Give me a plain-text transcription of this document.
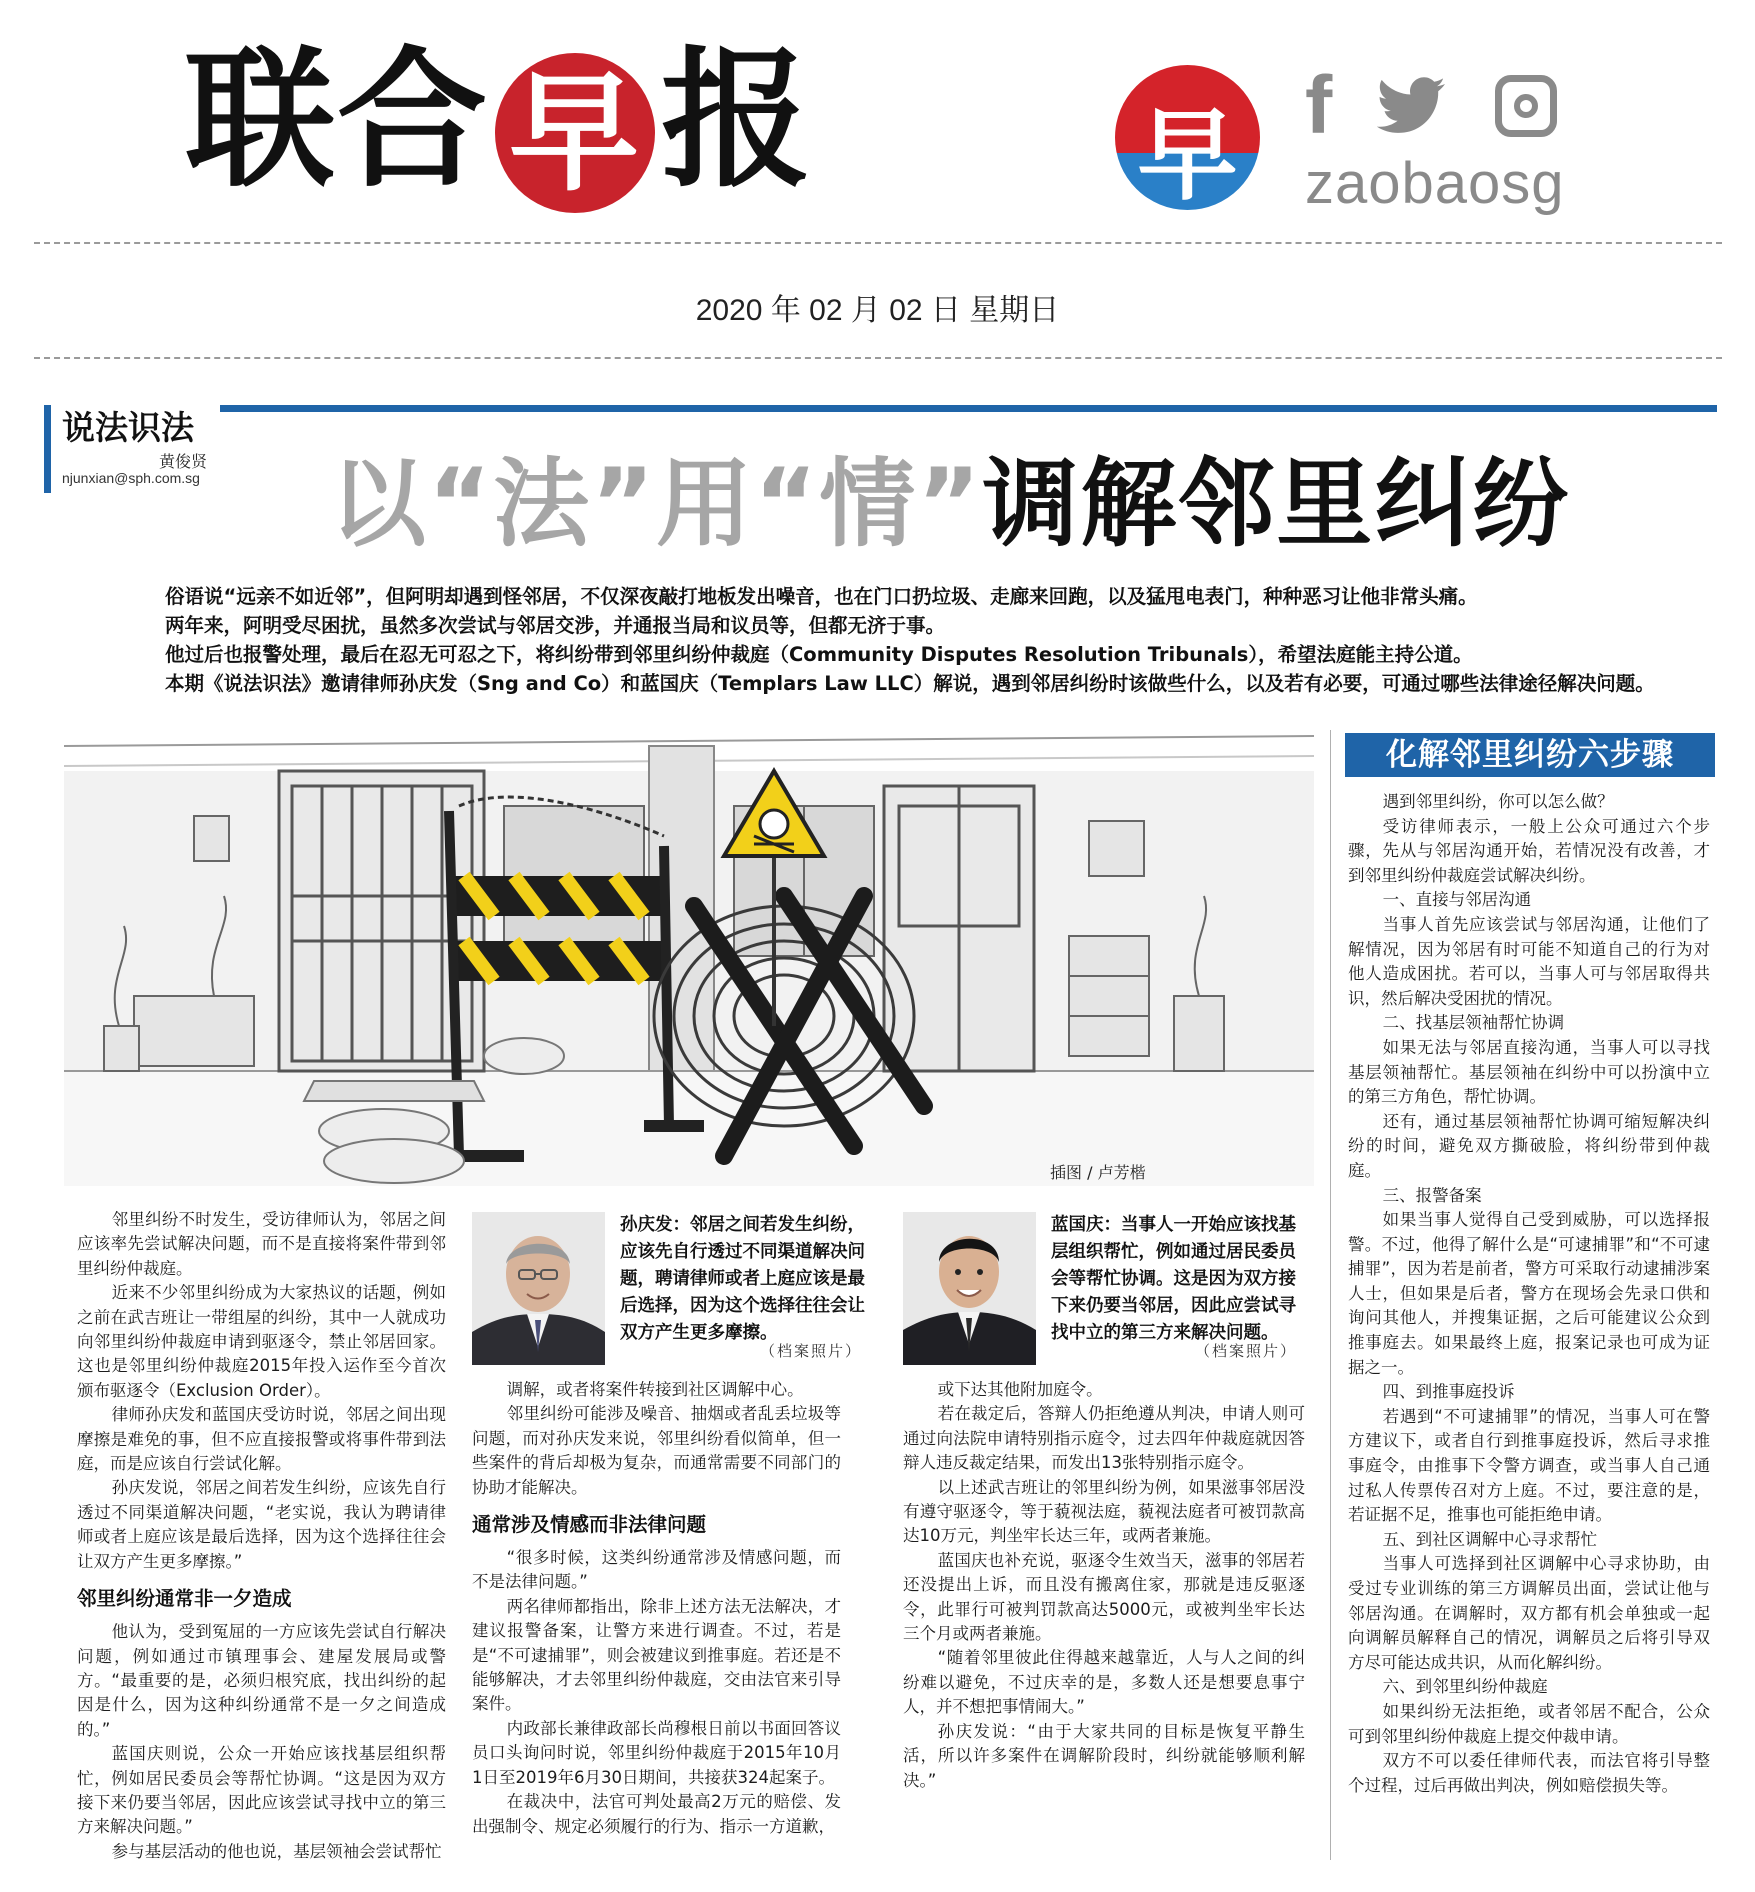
联合 早 报	早 f
zaobaosg
2020 年 02 月 02 日 星期日
说法识法
黄俊贤
njunxian@sph.com.sg 以“法”用“情”调解邻里纠纷

俗语说“远亲不如近邻”，但阿明却遇到怪邻居，不仅深夜敲打地板发出噪音，也在门口扔垃圾、走廊来回跑，以及猛甩电表门，种种恶习让他非常头痛。

两年来，阿明受尽困扰，虽然多次尝试与邻居交涉，并通报当局和议员等，但都无济于事。

他过后也报警处理，最后在忍无可忍之下，将纠纷带到邻里纠纷仲裁庭（Community Disputes Resolution Tribunals），希望法庭能主持公道。

本期《说法识法》邀请律师孙庆发（Sng and Co）和蓝国庆（Templars Law LLC）解说，遇到邻居纠纷时该做些什么，以及若有必要，可通过哪些法律途径解决问题。

插图 / 卢芳楷

邻里纠纷不时发生，受访律师认为，邻居之间应该率先尝试解决问题，而不是直接将案件带到邻里纠纷仲裁庭。

近来不少邻里纠纷成为大家热议的话题，例如之前在武吉班让一带组屋的纠纷，其中一人就成功向邻里纠纷仲裁庭申请到驱逐令，禁止邻居回家。这也是邻里纠纷仲裁庭2015年投入运作至今首次颁布驱逐令（Exclusion Order）。

律师孙庆发和蓝国庆受访时说，邻居之间出现摩擦是难免的事，但不应直接报警或将事件带到法庭，而是应该自行尝试化解。

孙庆发说，邻居之间若发生纠纷，应该先自行透过不同渠道解决问题，“老实说，我认为聘请律师或者上庭应该是最后选择，因为这个选择往往会让双方产生更多摩擦。”

邻里纠纷通常非一夕造成

他认为，受到冤屈的一方应该先尝试自行解决问题，例如通过市镇理事会、建屋发展局或警方。“最重要的是，必须归根究底，找出纠纷的起因是什么，因为这种纠纷通常不是一夕之间造成的。”

蓝国庆则说，公众一开始应该找基层组织帮忙，例如居民委员会等帮忙协调。“这是因为双方接下来仍要当邻居，因此应该尝试寻找中立的第三方来解决问题。”

参与基层活动的他也说，基层领袖会尝试帮忙

孙庆发：邻居之间若发生纠纷，应该先自行透过不同渠道解决问题，聘请律师或者上庭应该是最后选择，因为这个选择往往会让双方产生更多摩擦。
（档案照片）
蓝国庆：当事人一开始应该找基层组织帮忙，例如通过居民委员会等帮忙协调。这是因为双方接下来仍要当邻居，因此应尝试寻找中立的第三方来解决问题。
（档案照片）

调解，或者将案件转接到社区调解中心。

邻里纠纷可能涉及噪音、抽烟或者乱丢垃圾等问题，而对孙庆发来说，邻里纠纷看似简单，但一些案件的背后却极为复杂，而通常需要不同部门的协助才能解决。

通常涉及情感而非法律问题

“很多时候，这类纠纷通常涉及情感问题，而不是法律问题。”

两名律师都指出，除非上述方法无法解决，才建议报警备案，让警方来进行调查。不过，若是是“不可逮捕罪”，则会被建议到推事庭。若还是不能够解决，才去邻里纠纷仲裁庭，交由法官来引导案件。

内政部长兼律政部长尚穆根日前以书面回答议员口头询问时说，邻里纠纷仲裁庭于2015年10月1日至2019年6月30日期间，共接获324起案子。

在裁决中，法官可判处最高2万元的赔偿、发出强制令、规定必须履行的行为、指示一方道歉，

或下达其他附加庭令。

若在裁定后，答辩人仍拒绝遵从判决，申请人则可通过向法院申请特别指示庭令，过去四年仲裁庭就因答辩人违反裁定结果，而发出13张特别指示庭令。

以上述武吉班让的邻里纠纷为例，如果滋事邻居没有遵守驱逐令，等于藐视法庭，藐视法庭者可被罚款高达10万元，判坐牢长达三年，或两者兼施。

蓝国庆也补充说，驱逐令生效当天，滋事的邻居若还没提出上诉，而且没有搬离住家，那就是违反驱逐令，此罪行可被判罚款高达5000元，或被判坐牢长达三个月或两者兼施。

“随着邻里彼此住得越来越靠近，人与人之间的纠纷难以避免，不过庆幸的是，多数人还是想要息事宁人，并不想把事情闹大。”

孙庆发说：“由于大家共同的目标是恢复平静生活，所以许多案件在调解阶段时，纠纷就能够顺利解决。”

化解邻里纠纷六步骤

遇到邻里纠纷，你可以怎么做？

受访律师表示，一般上公众可通过六个步骤，先从与邻居沟通开始，若情况没有改善，才到邻里纠纷仲裁庭尝试解决纠纷。

一、直接与邻居沟通

当事人首先应该尝试与邻居沟通，让他们了解情况，因为邻居有时可能不知道自己的行为对他人造成困扰。若可以，当事人可与邻居取得共识，然后解决受困扰的情况。

二、找基层领袖帮忙协调

如果无法与邻居直接沟通，当事人可以寻找基层领袖帮忙。基层领袖在纠纷中可以扮演中立的第三方角色，帮忙协调。

还有，通过基层领袖帮忙协调可缩短解决纠纷的时间，避免双方撕破脸，将纠纷带到仲裁庭。

三、报警备案

如果当事人觉得自己受到威胁，可以选择报警。不过，他得了解什么是“可逮捕罪”和“不可逮捕罪”，因为若是前者，警方可采取行动逮捕涉案人士，但如果是后者，警方在现场会先录口供和询问其他人，并搜集证据，之后可能建议公众到推事庭去。如果最终上庭，报案记录也可成为证据之一。

四、到推事庭投诉

若遇到“不可逮捕罪”的情况，当事人可在警方建议下，或者自行到推事庭投诉，然后寻求推事庭令，由推事下令警方调查，或当事人自己通过私人传票传召对方上庭。不过，要注意的是，若证据不足，推事也可能拒绝申请。

五、到社区调解中心寻求帮忙

当事人可选择到社区调解中心寻求协助，由受过专业训练的第三方调解员出面，尝试让他与邻居沟通。在调解时，双方都有机会单独或一起向调解员解释自己的情况，调解员之后将引导双方尽可能达成共识，从而化解纠纷。

六、到邻里纠纷仲裁庭

如果纠纷无法拒绝，或者邻居不配合，公众可到邻里纠纷仲裁庭上提交仲裁申请。

双方不可以委任律师代表，而法官将引导整个过程，过后再做出判决，例如赔偿损失等。
